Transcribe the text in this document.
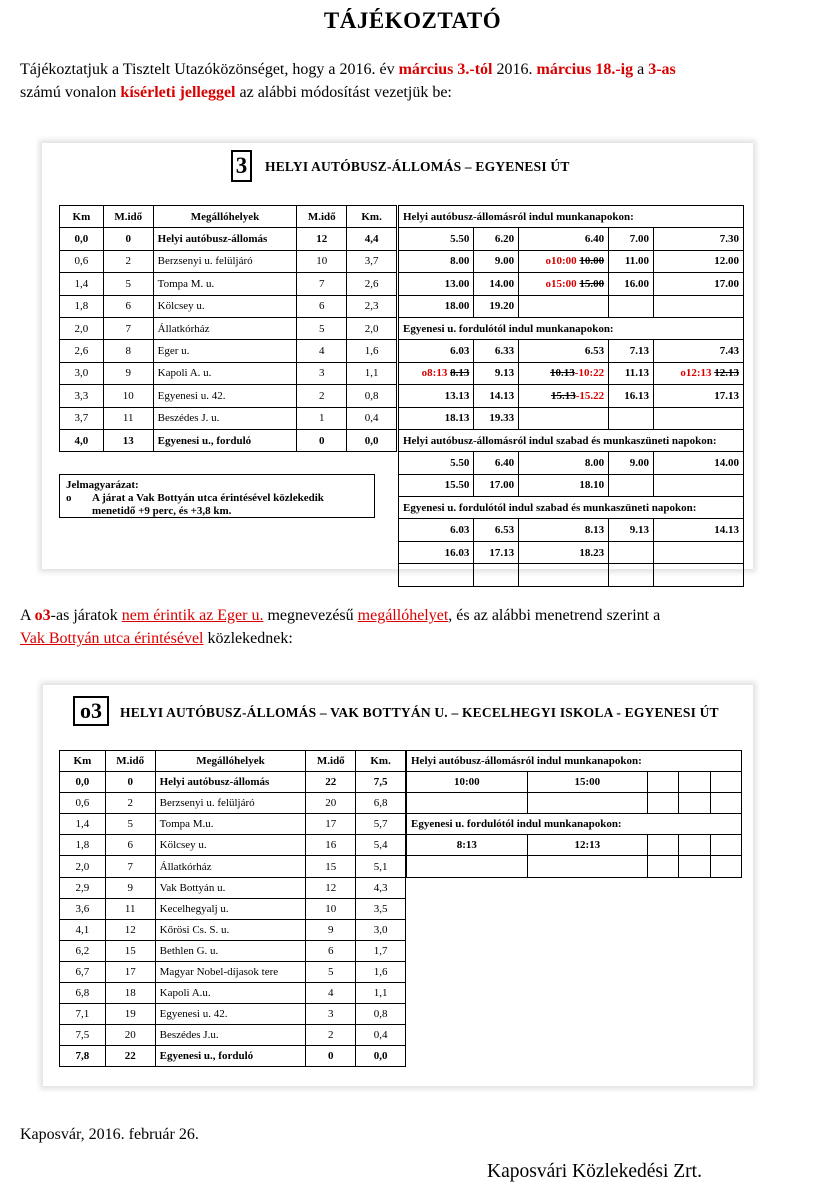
TÁJÉKOZTATÓ

Tájékoztatjuk a Tisztelt Utazóközönséget, hogy a 2016. év március 3.-tól 2016. március 18.-ig a 3-as
számú vonalon kísérleti jelleggel az alábbi módosítást vezetjük be:

3	HELYI AUTÓBUSZ-ÁLLOMÁS – EGYENESI ÚT
Km	M.idő	Megállóhelyek	M.idő	Km.
0,0	0	Helyi autóbusz-állomás	12	4,4
0,6	2	Berzsenyi u. felüljáró	10	3,7
1,4	5	Tompa M. u.	7	2,6
1,8	6	Kölcsey u.	6	2,3
2,0	7	Állatkórház	5	2,0
2,6	8	Eger u.	4	1,6
3,0	9	Kapoli A. u.	3	1,1
3,3	10	Egyenesi u. 42.	2	0,8
3,7	11	Beszédes J. u.	1	0,4
4,0	13	Egyenesi u., forduló	0	0,0
Helyi autóbusz-állomásról indul munkanapokon:				
5.50	6.20	6.40	7.00	7.30
8.00	9.00	o10:00 10.00	11.00	12.00
13.00	14.00	o15:00 15.00	16.00	17.00
18.00	19.20			
Egyenesi u. fordulótól indul munkanapokon:				
6.03	6.33	6.53	7.13	7.43
o8:13 8.13	9.13	10.13-10:22	11.13	o12:13 12.13
13.13	14.13	15.13-15.22	16.13	17.13
18.13	19.33			
Helyi autóbusz-állomásról indul szabad és munkaszüneti napokon:				
5.50	6.40	8.00	9.00	14.00
15.50	17.00	18.10		
Egyenesi u. fordulótól indul szabad és munkaszüneti napokon:				
6.03	6.53	8.13	9.13	14.13
16.03	17.13	18.23		

Jelmagyarázat:
o	A járat a Vak Bottyán utca érintésével közlekedik
menetidő +9 perc, és +3,8 km.

A o3-as járatok nem érintik az Eger u. megnevezésű megállóhelyet, és az alábbi menetrend szerint a
Vak Bottyán utca érintésével közlekednek:

o3	HELYI AUTÓBUSZ-ÁLLOMÁS – VAK BOTTYÁN U. – KECELHEGYI ISKOLA - EGYENESI ÚT
Km	M.idő	Megállóhelyek	M.idő	Km.
0,0	0	Helyi autóbusz-állomás	22	7,5
0,6	2	Berzsenyi u. felüljáró	20	6,8
1,4	5	Tompa M.u.	17	5,7
1,8	6	Kölcsey u.	16	5,4
2,0	7	Állatkórház	15	5,1
2,9	9	Vak Bottyán u.	12	4,3
3,6	11	Kecelhegyalj u.	10	3,5
4,1	12	Kőrösi Cs. S. u.	9	3,0
6,2	15	Bethlen G. u.	6	1,7
6,7	17	Magyar Nobel-díjasok tere	5	1,6
6,8	18	Kapoli A.u.	4	1,1
7,1	19	Egyenesi u. 42.	3	0,8
7,5	20	Beszédes J.u.	2	0,4
7,8	22	Egyenesi u., forduló	0	0,0
Helyi autóbusz-állomásról indul munkanapokon:				
10:00	15:00			

Egyenesi u. fordulótól indul munkanapokon:				
8:13	12:13			

Kaposvár, 2016. február 26.
Kaposvári Közlekedési Zrt.
